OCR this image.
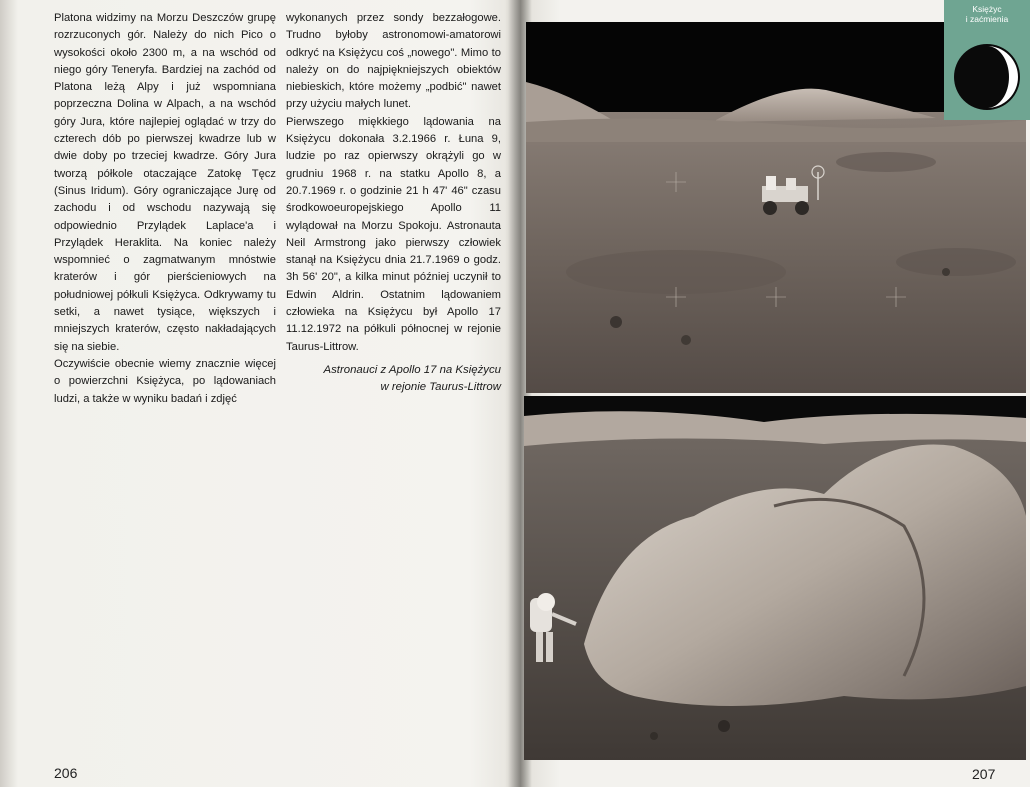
Platona widzimy na Morzu Deszczów grupę rozrzuconych gór. Należy do nich Pico o wysokości około 2300 m, a na wschód od niego góry Teneryfa. Bardziej na zachód od Platona leżą Alpy i już wspomniana poprzeczna Dolina w Alpach, a na wschód góry Jura, które najlepiej oglądać w trzy do czterech dób po pierwszej kwadrze lub w dwie doby po trzeciej kwadrze. Góry Jura tworzą półkole otaczające Zatokę Tęcz (Sinus Iridum). Góry ograniczające Jurę od zachodu i od wschodu nazywają się odpowiednio Przylądek Laplace'a i Przylądek Heraklita. Na koniec należy wspomnieć o zagmatwanym mnóstwie kraterów i gór pierścieniowych na południowej półkuli Księżyca. Odkrywamy tu setki, a nawet tysiące, większych i mniejszych kraterów, często nakładających się na siebie.

Oczywiście obecnie wiemy znacznie więcej o powierzchni Księżyca, po lądowaniach ludzi, a także w wyniku badań i zdjęć

wykonanych przez sondy bezzałogowe. Trudno byłoby astronomowi-amatorowi odkryć na Księżycu coś „nowego". Mimo to należy on do najpiękniejszych obiektów niebieskich, które możemy „podbić" nawet przy użyciu małych lunet.

Pierwszego miękkiego lądowania na Księżycu dokonała 3.2.1966 r. Łuna 9, ludzie po raz opierwszy okrążyli go w grudniu 1968 r. na statku Apollo 8, a 20.7.1969 r. o godzinie 21 h 47' 46" czasu środkowoeuropejskiego Apollo 11 wylądował na Morzu Spokoju. Astronauta Neil Armstrong jako pierwszy człowiek stanął na Księżycu dnia 21.7.1969 o godz. 3h 56' 20", a kilka minut później uczynił to Edwin Aldrin. Ostatnim lądowaniem człowieka na Księżycu był Apollo 17 11.12.1972 na półkuli północnej w rejonie Taurus-Littrow.

Astronauci z Apollo 17 na Księżycu
w rejonie Taurus-Littrow
Księżyc
i zaćmienia
206	207
